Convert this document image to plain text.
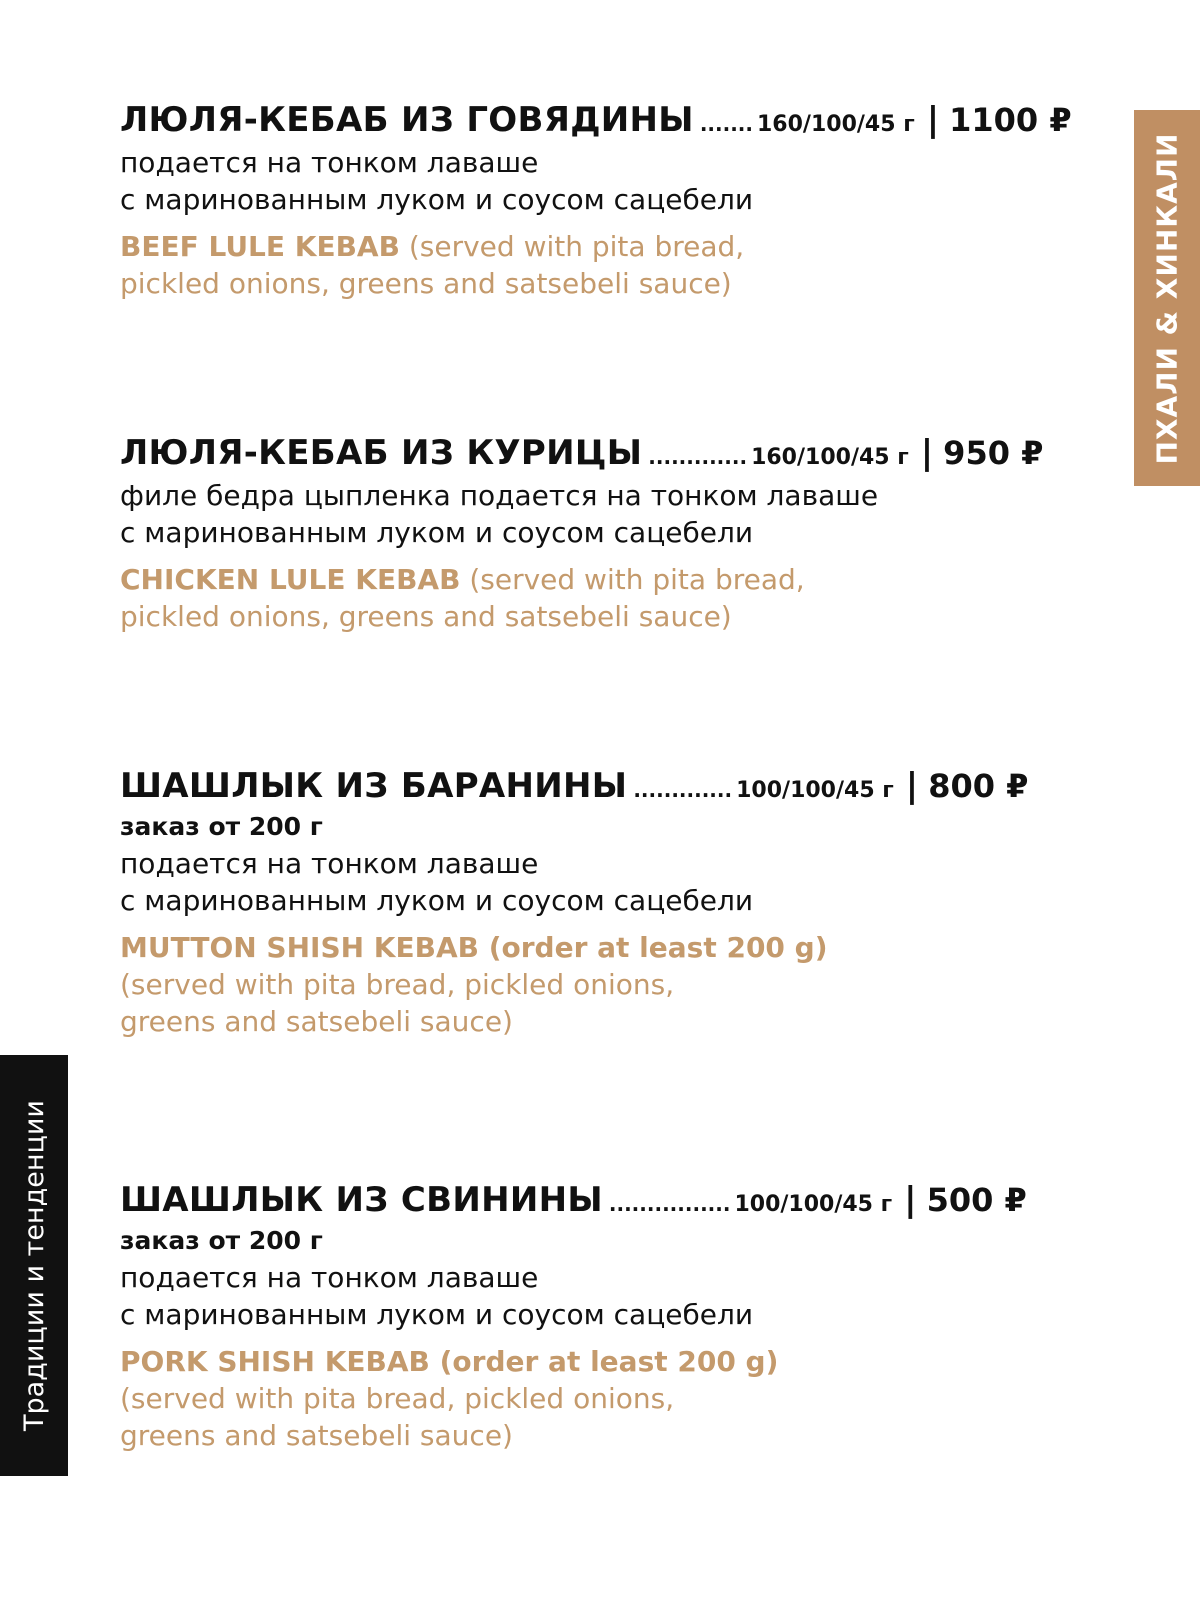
ПХАЛИ & ХИНКАЛИ
Традиции и тенденции
ЛЮЛЯ-КЕБАБ ИЗ ГОВЯДИНЫ ....... 160/100/45 г | 1100 ₽
подается на тонком лаваше
с маринованным луком и соусом сацебели
BEEF LULE KEBAB (served with pita bread,
pickled onions, greens and satsebeli sauce)
ЛЮЛЯ-КЕБАБ ИЗ КУРИЦЫ ............. 160/100/45 г | 950 ₽
филе бедра цыпленка подается на тонком лаваше
с маринованным луком и соусом сацебели
CHICKEN LULE KEBAB (served with pita bread,
pickled onions, greens and satsebeli sauce)
ШАШЛЫК ИЗ БАРАНИНЫ ............. 100/100/45 г | 800 ₽
заказ от 200 г
подается на тонком лаваше
с маринованным луком и соусом сацебели
MUTTON SHISH KEBAB (order at least 200 g)
(served with pita bread, pickled onions,
greens and satsebeli sauce)
ШАШЛЫК ИЗ СВИНИНЫ ................ 100/100/45 г | 500 ₽
заказ от 200 г
подается на тонком лаваше
с маринованным луком и соусом сацебели
PORK SHISH KEBAB (order at least 200 g)
(served with pita bread, pickled onions,
greens and satsebeli sauce)
